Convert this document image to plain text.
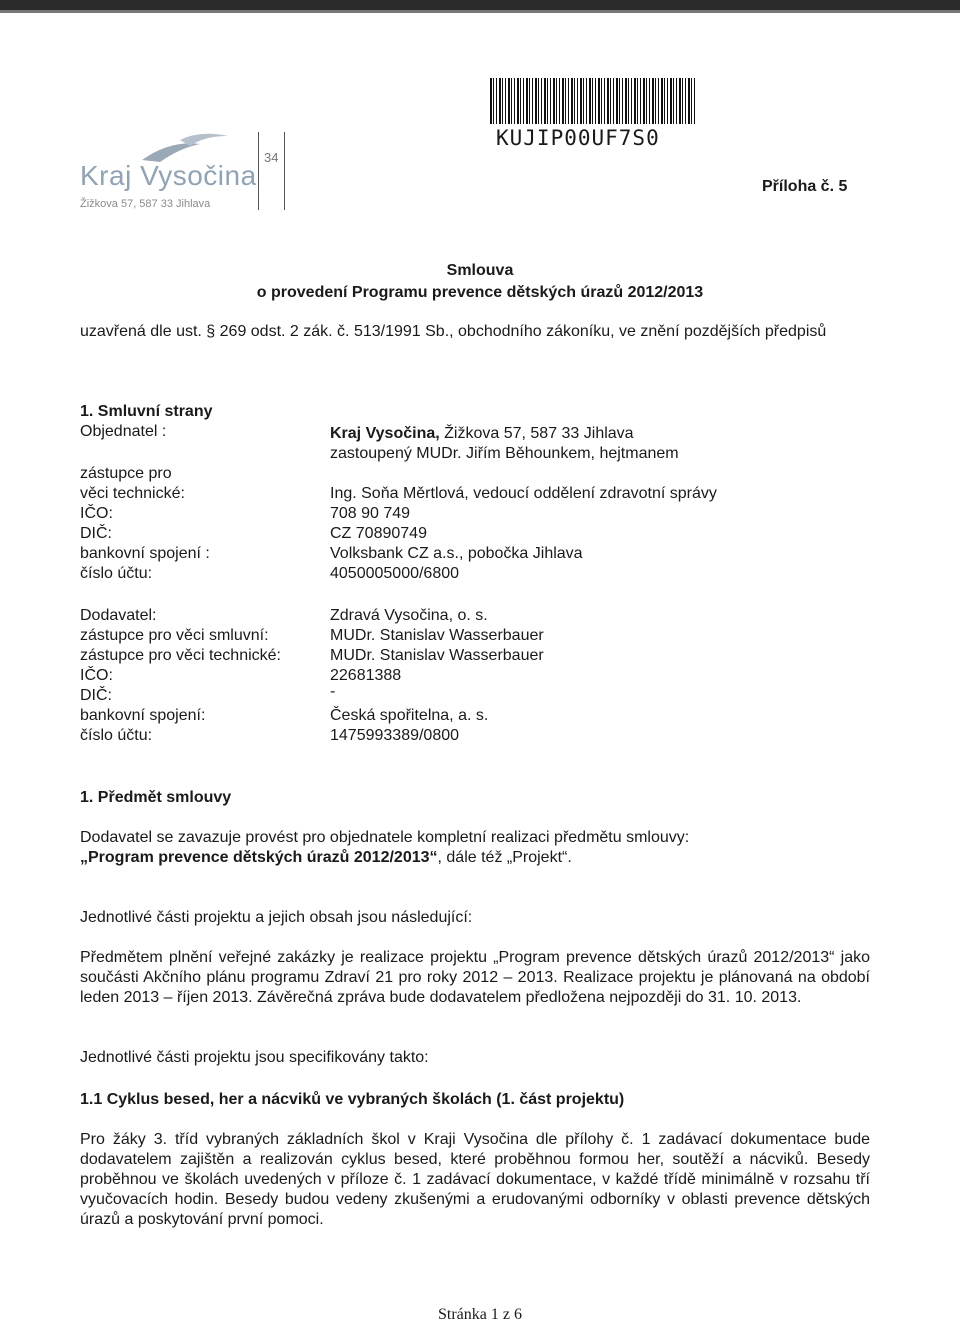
Kraj Vysočina
Žižkova 57, 587 33 Jihlava
34
KUJIP00UF7S0
Příloha č. 5
Smlouva
o provedení Programu prevence dětských úrazů 2012/2013
uzavřená dle ust. § 269 odst. 2 zák. č. 513/1991 Sb., obchodního zákoníku, ve znění pozdějších předpisů
1. Smluvní strany
Objednatel :	Kraj Vysočina, Žižkova 57, 587 33 Jihlava
zastoupený MUDr. Jiřím Běhounkem, hejtmanem
zástupce pro
věci technické:	Ing. Soňa Měrtlová, vedoucí oddělení zdravotní správy
IČO:	708 90 749
DIČ:	CZ 70890749
bankovní spojení :	Volksbank CZ a.s., pobočka Jihlava
číslo účtu:	4050005000/6800
Dodavatel:	Zdravá Vysočina, o. s.
zástupce pro věci smluvní:	MUDr. Stanislav Wasserbauer
zástupce pro věci technické:	MUDr. Stanislav Wasserbauer
IČO:	22681388
DIČ:	-
bankovní spojení:	Česká spořitelna, a. s.
číslo účtu:	1475993389/0800
1. Předmět smlouvy
Dodavatel se zavazuje provést pro objednatele kompletní realizaci předmětu smlouvy:
„Program prevence dětských úrazů 2012/2013“, dále též „Projekt“.
Jednotlivé části projektu a jejich obsah jsou následující:
Předmětem plnění veřejné zakázky je realizace projektu „Program prevence dětských úrazů 2012/2013“ jako součásti Akčního plánu programu Zdraví 21 pro roky 2012 – 2013. Realizace projektu je plánovaná na období leden 2013 – říjen 2013. Závěrečná zpráva bude dodavatelem předložena nejpozději do 31. 10. 2013.
Jednotlivé části projektu jsou specifikovány takto:
1.1 Cyklus besed, her a nácviků ve vybraných školách (1. část projektu)
Pro žáky 3. tříd vybraných základních škol v Kraji Vysočina dle přílohy č. 1 zadávací dokumentace bude dodavatelem zajištěn a realizován cyklus besed, které proběhnou formou her, soutěží a nácviků. Besedy proběhnou ve školách uvedených v příloze č. 1 zadávací dokumentace, v každé třídě minimálně v rozsahu tří vyučovacích hodin. Besedy budou vedeny zkušenými a erudovanými odborníky v oblasti prevence dětských úrazů a poskytování první pomoci.
Stránka 1 z 6
